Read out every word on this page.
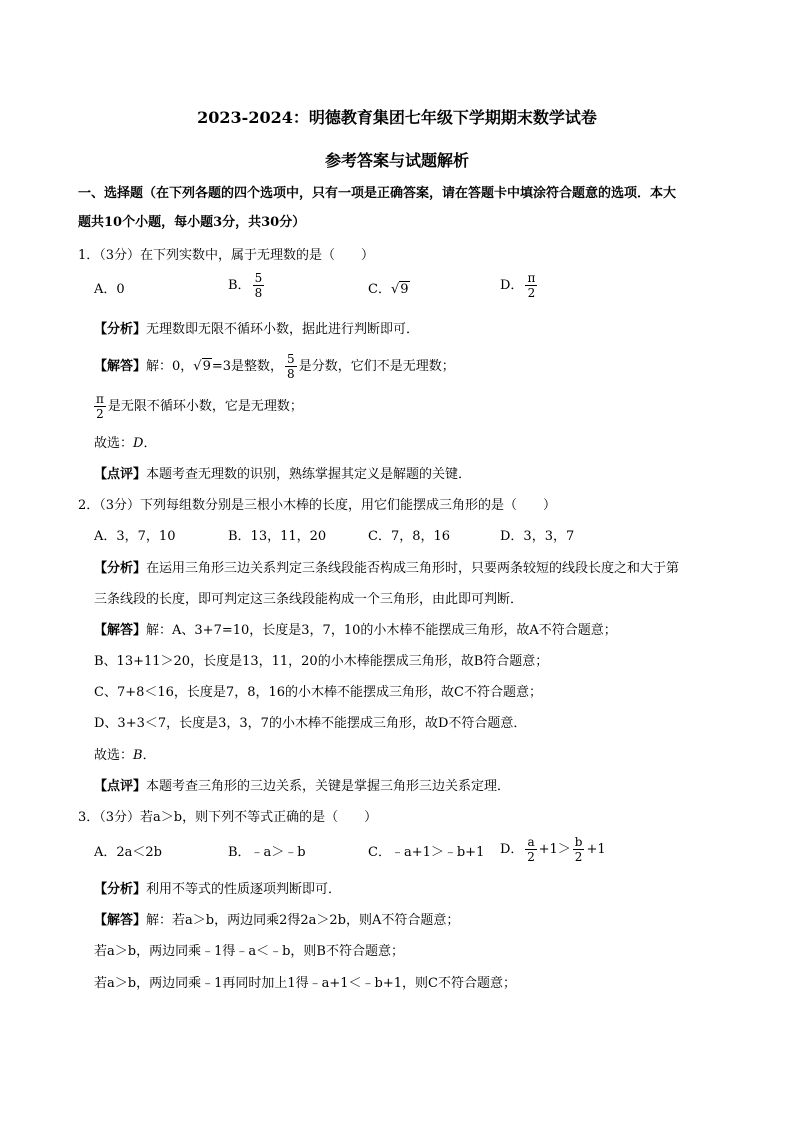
2023-2024：明德教育集团七年级下学期期末数学试卷
参考答案与试题解析
一、选择题（在下列各题的四个选项中，只有一项是正确答案，请在答题卡中填涂符合题意的选项．本大
题共10个小题，每小题3分，共30分）
1．（3分）在下列实数中，属于无理数的是（　　）
A．0	B． $\frac{5}{8}$	C．√9	D． $\frac{\pi}{2}$
【分析】无理数即无限不循环小数，据此进行判断即可．
【解答】解：0，√9=3是整数， $\frac{5}{8}$ 是分数，它们不是无理数；
$\frac{\pi}{2}$ 是无限不循环小数，它是无理数；
故选：D．
【点评】本题考查无理数的识别，熟练掌握其定义是解题的关键．
2．（3分）下列每组数分别是三根小木棒的长度，用它们能摆成三角形的是（　　）
A．3，7，10	B．13，11，20	C．7，8，16	D．3，3，7
【分析】在运用三角形三边关系判定三条线段能否构成三角形时，只要两条较短的线段长度之和大于第
三条线段的长度，即可判定这三条线段能构成一个三角形，由此即可判断．
【解答】解：A、3+7=10，长度是3，7，10的小木棒不能摆成三角形，故A不符合题意；
B、13+11＞20，长度是13，11，20的小木棒能摆成三角形，故B符合题意；
C、7+8＜16，长度是7，8，16的小木棒不能摆成三角形，故C不符合题意；
D、3+3＜7，长度是3，3，7的小木棒不能摆成三角形，故D不符合题意．
故选：B．
【点评】本题考查三角形的三边关系，关键是掌握三角形三边关系定理．
3．（3分）若a＞b，则下列不等式正确的是（　　）
A．2a＜2b	B．﹣a＞﹣b	C．﹣a+1＞﹣b+1 D． $\frac{a}{2} +1> \frac{b}{2} +1$
【分析】利用不等式的性质逐项判断即可．
【解答】解：若a＞b，两边同乘2得2a＞2b，则A不符合题意；
若a＞b，两边同乘﹣1得﹣a＜﹣b，则B不符合题意；
若a＞b，两边同乘﹣1再同时加上1得﹣a+1＜﹣b+1，则C不符合题意；
